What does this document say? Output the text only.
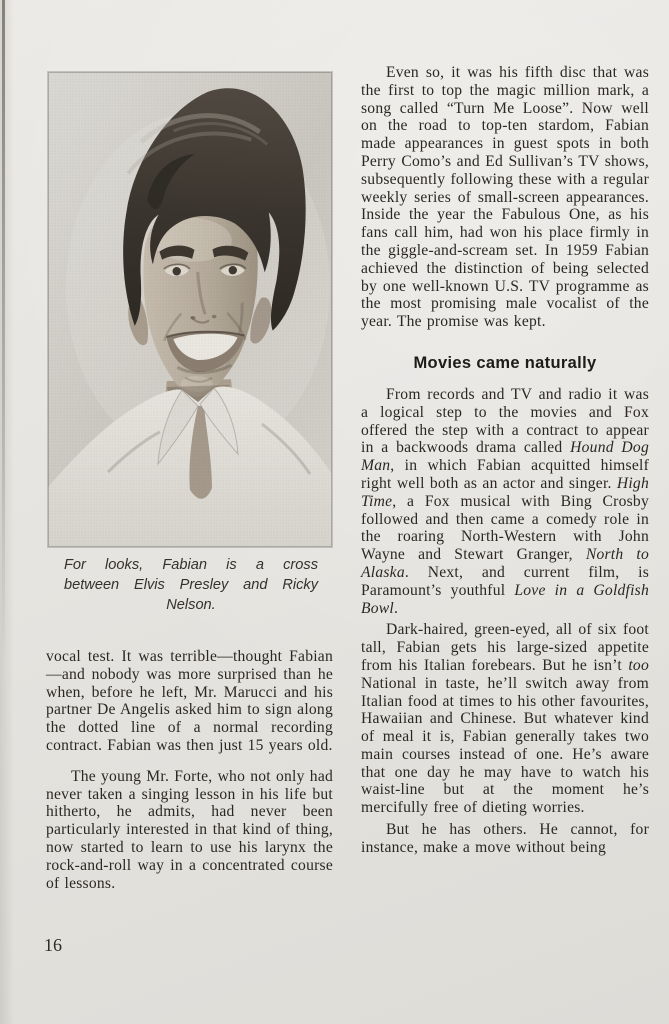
For looks, Fabian is a cross between Elvis Presley and Ricky Nelson.

vocal test. It was terrible—thought Fabian—and nobody was more surprised than he when, before he left, Mr. Marucci and his partner De Angelis asked him to sign along the dotted line of a normal recording contract. Fabian was then just 15 years old.

The young Mr. Forte, who not only had never taken a singing lesson in his life but hitherto, he admits, had never been particularly interested in that kind of thing, now started to learn to use his larynx the rock-and-roll way in a concentrated course of lessons.

Even so, it was his fifth disc that was the first to top the magic million mark, a song called “Turn Me Loose”. Now well on the road to top-ten stardom, Fabian made appearances in guest spots in both Perry Como’s and Ed Sullivan’s TV shows, subsequently following these with a regular weekly series of small-screen appearances. Inside the year the Fabulous One, as his fans call him, had won his place firmly in the giggle-and-scream set. In 1959 Fabian achieved the distinction of being selected by one well-known U.S. TV programme as the most promising male vocalist of the year. The promise was kept.

Movies came naturally

From records and TV and radio it was a logical step to the movies and Fox offered the step with a contract to appear in a backwoods drama called Hound Dog Man, in which Fabian acquitted himself right well both as an actor and singer. High Time, a Fox musical with Bing Crosby followed and then came a comedy role in the roaring North-Western with John Wayne and Stewart Granger, North to Alaska. Next, and current film, is Paramount’s youthful Love in a Goldfish Bowl.

Dark-haired, green-eyed, all of six foot tall, Fabian gets his large-sized appetite from his Italian forebears. But he isn’t too National in taste, he’ll switch away from Italian food at times to his other favourites, Hawaiian and Chinese. But whatever kind of meal it is, Fabian generally takes two main courses instead of one. He’s aware that one day he may have to watch his waist-line but at the moment he’s mercifully free of dieting worries.

But he has others. He cannot, for instance, make a move without being

16
